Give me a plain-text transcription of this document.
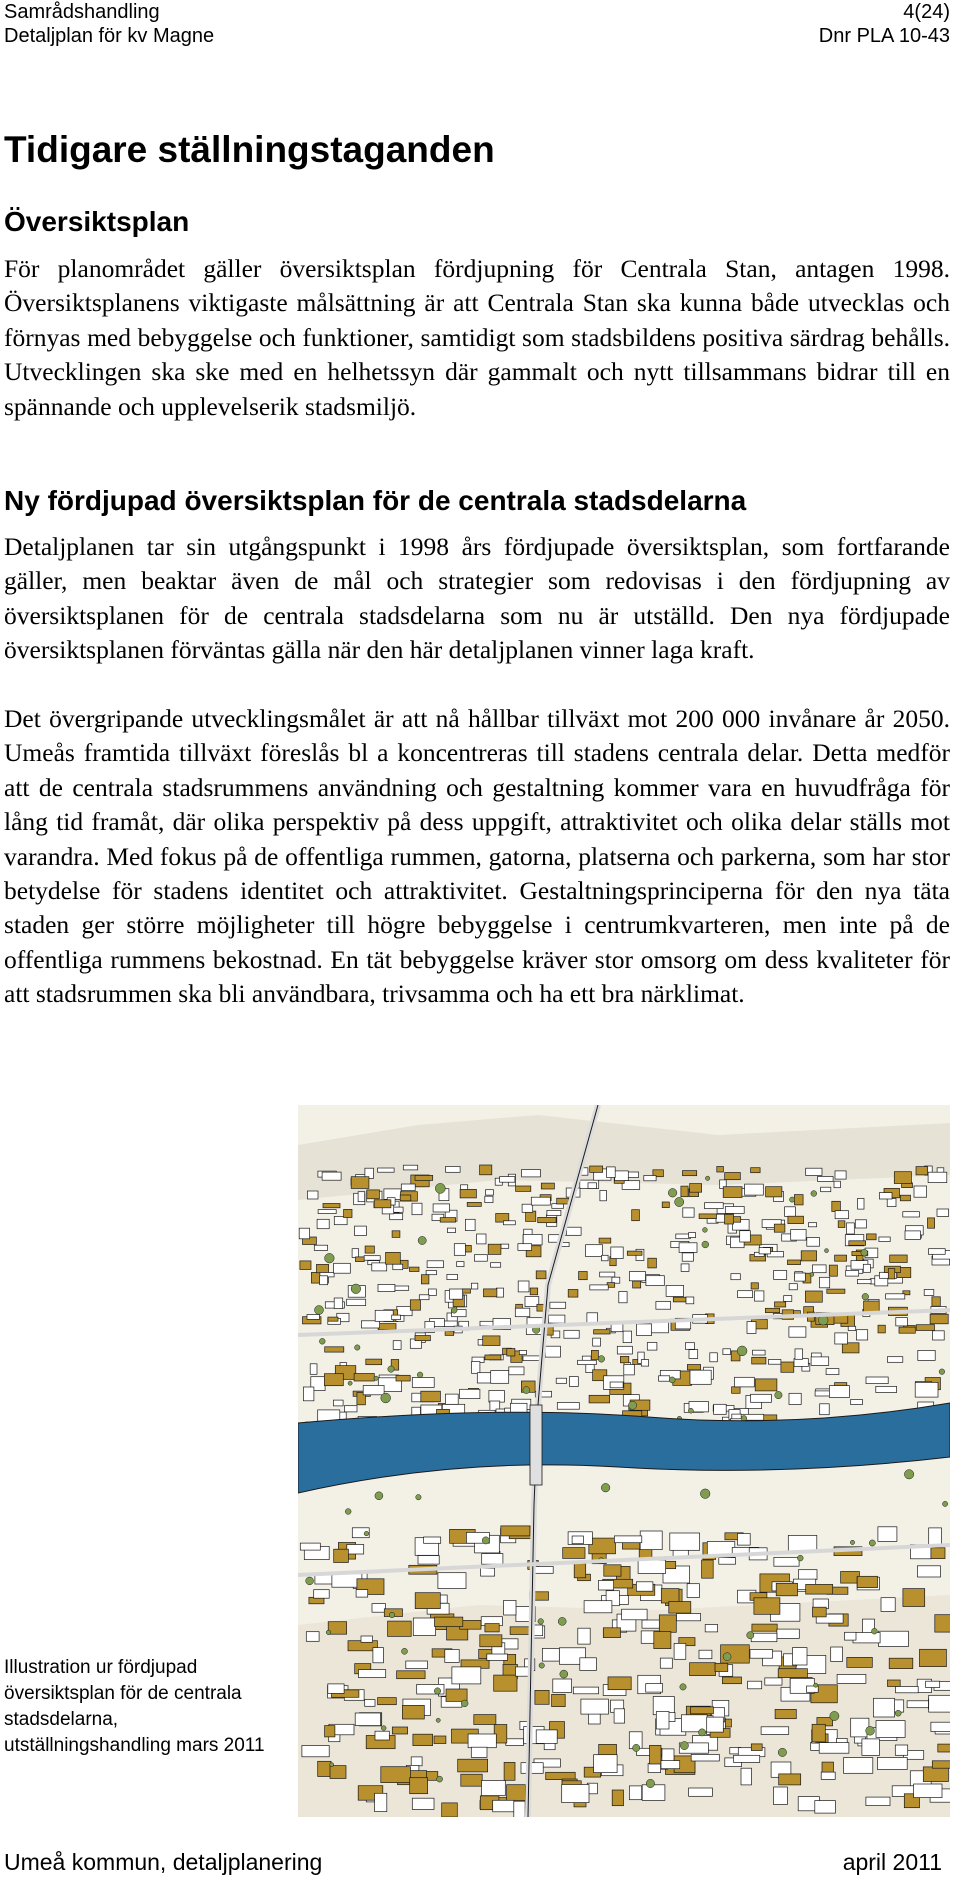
Samrådshandling	4(24)
Detaljplan för kv Magne	Dnr PLA 10-43
Tidigare ställningstaganden
Översiktsplan

För planområdet gäller översiktsplan fördjupning för Centrala Stan, antagen 1998. Översiktsplanens viktigaste målsättning är att Centrala Stan ska kunna både utvecklas och förnyas med bebyggelse och funktioner, samtidigt som stadsbildens positiva särdrag behålls. Utvecklingen ska ske med en helhetssyn där gammalt och nytt tillsammans bidrar till en spännande och upplevelserik stadsmiljö.

Ny fördjupad översiktsplan för de centrala stadsdelarna

Detaljplanen tar sin utgångspunkt i 1998 års fördjupade översiktsplan, som fortfarande gäller, men beaktar även de mål och strategier som redovisas i den fördjupning av översiktsplanen för de centrala stadsdelarna som nu är utställd. Den nya fördjupade översiktsplanen förväntas gälla när den här detaljplanen vinner laga kraft.

Det övergripande utvecklingsmålet är att nå hållbar tillväxt mot 200 000 invånare år 2050. Umeås framtida tillväxt föreslås bl a koncentreras till stadens centrala delar. Detta medför att de centrala stadsrummens användning och gestaltning kommer vara en huvudfråga för lång tid framåt, där olika perspektiv på dess uppgift, attraktivitet och olika delar ställs mot varandra. Med fokus på de offentliga rummen, gatorna, platserna och parkerna, som har stor betydelse för stadens identitet och attraktivitet. Gestaltningsprinciperna för den nya täta staden ger större möjligheter till högre bebyggelse i centrumkvarteren, men inte på de offentliga rummens bekostnad. En tät bebyggelse kräver stor omsorg om dess kvaliteter för att stadsrummen ska bli användbara, trivsamma och ha ett bra närklimat.

Illustration ur fördjupad översiktsplan för de centrala stadsdelarna, utställningshandling mars 2011

Umeå kommun, detaljplanering	april 2011
